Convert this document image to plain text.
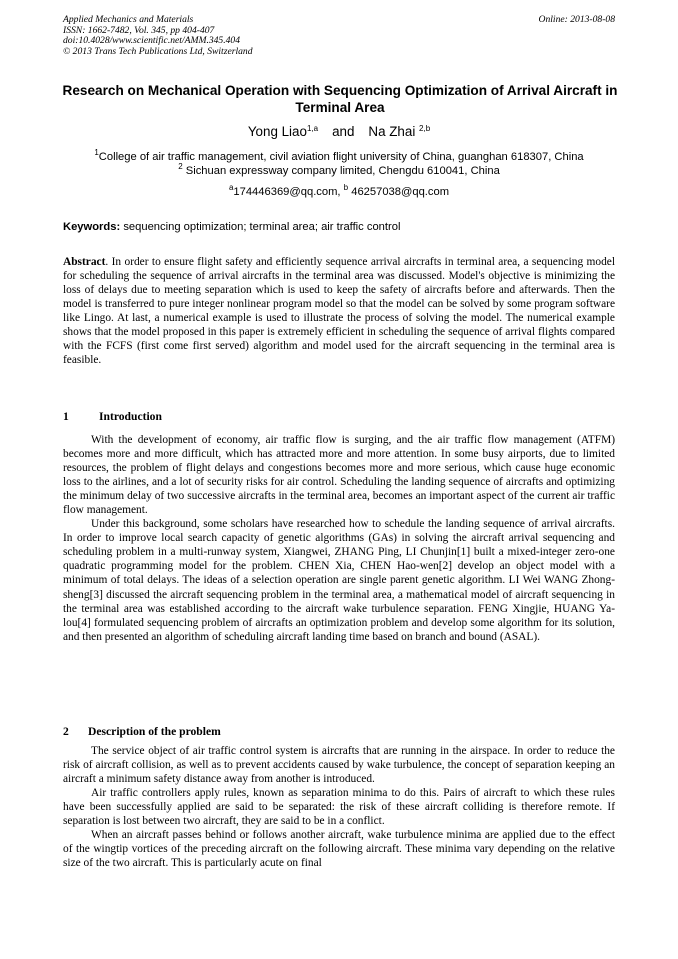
Applied Mechanics and Materials
ISSN: 1662-7482, Vol. 345, pp 404-407
doi:10.4028/www.scientific.net/AMM.345.404
© 2013 Trans Tech Publications Ltd, Switzerland
Online: 2013-08-08
Research on Mechanical Operation with Sequencing Optimization of Arrival Aircraft in Terminal Area
Yong Liao$^{1,a}$ and Na Zhai $^{2,b}$
$^1$College of air traffic management, civil aviation flight university of China, guanghan 618307, China
$^2$ Sichuan expressway company limited, Chengdu 610041, China
$^a$174446369@qq.com, $^b$ 46257038@qq.com
Keywords: sequencing optimization; terminal area; air traffic control

Abstract. In order to ensure flight safety and efficiently sequence arrival aircrafts in terminal area, a sequencing model for scheduling the sequence of arrival aircrafts in the terminal area was discussed. Model's objective is minimizing the loss of delays due to meeting separation which is used to keep the safety of aircrafts before and afterwards. Then the model is transferred to pure integer nonlinear program model so that the model can be solved by some program software like Lingo. At last, a numerical example is used to illustrate the process of solving the model. The numerical example shows that the model proposed in this paper is extremely efficient in scheduling the sequence of arrival flights compared with the FCFS (first come first served) algorithm and model used for the aircraft sequencing in the terminal area is feasible.

1	Introduction

With the development of economy, air traffic flow is surging, and the air traffic flow management (ATFM) becomes more and more difficult, which has attracted more and more attention. In some busy airports, due to limited resources, the problem of flight delays and congestions becomes more and more serious, which cause huge economic loss to the airlines, and a lot of security risks for air control. Scheduling the landing sequence of aircrafts and optimizing the minimum delay of two successive aircrafts in the terminal area, becomes an important aspect of the current air traffic flow management.

Under this background, some scholars have researched how to schedule the landing sequence of arrival aircrafts. In order to improve local search capacity of genetic algorithms (GAs) in solving the aircraft arrival sequencing and scheduling problem in a multi-runway system, Xiangwei, ZHANG Ping, LI Chunjin[1] built a mixed-integer zero-one quadratic programming model for the problem. CHEN Xia, CHEN Hao-wen[2] develop an object model with a minimum of total delays. The ideas of a selection operation are single parent genetic algorithm. LI Wei WANG Zhong-sheng[3] discussed the aircraft sequencing problem in the terminal area, a mathematical model of aircraft sequencing in the terminal area was established according to the aircraft wake turbulence separation. FENG Xingjie, HUANG Ya-lou[4] formulated sequencing problem of aircrafts an optimization problem and develop some algorithm for its solution, and then presented an algorithm of scheduling aircraft landing time based on branch and bound (ASAL).

2 Description of the problem

The service object of air traffic control system is aircrafts that are running in the airspace. In order to reduce the risk of aircraft collision, as well as to prevent accidents caused by wake turbulence, the concept of separation keeping an aircraft a minimum safety distance away from another is introduced.

Air traffic controllers apply rules, known as separation minima to do this. Pairs of aircraft to which these rules have been successfully applied are said to be separated: the risk of these aircraft colliding is therefore remote. If separation is lost between two aircraft, they are said to be in a conflict.

When an aircraft passes behind or follows another aircraft, wake turbulence minima are applied due to the effect of the wingtip vortices of the preceding aircraft on the following aircraft. These minima vary depending on the relative size of the two aircraft. This is particularly acute on final
